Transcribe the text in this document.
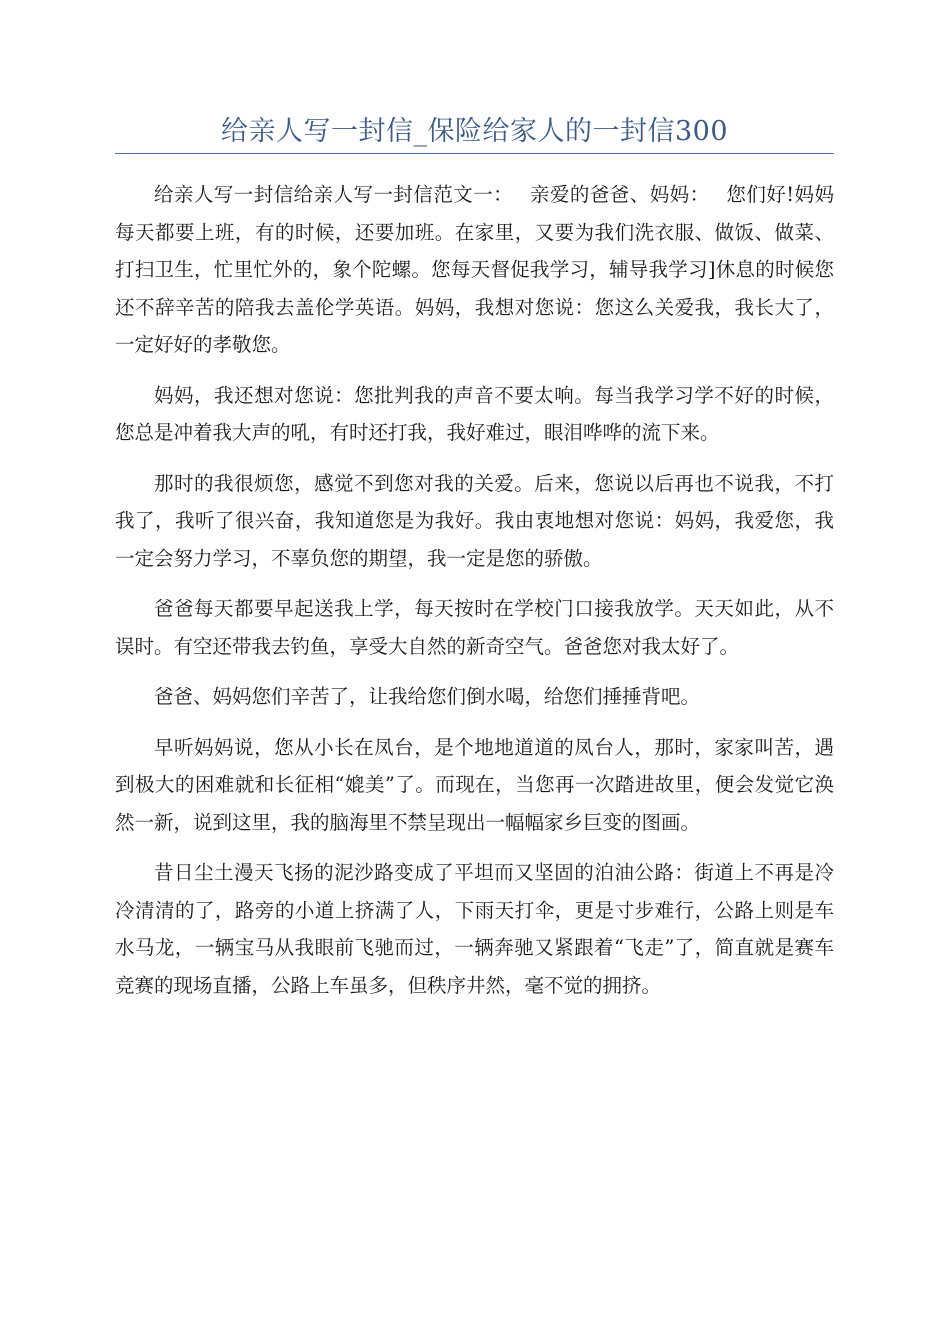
给亲人写一封信_保险给家人的一封信300

给亲人写一封信给亲人写一封信范文一：　 亲爱的爸爸、妈妈：　 您们好!妈妈每天都要上班，有的时候，还要加班。在家里，又要为我们洗衣服、做饭、做菜、打扫卫生，忙里忙外的，象个陀螺。您每天督促我学习，辅导我学习]休息的时候您还不辞辛苦的陪我去盖伦学英语。妈妈，我想对您说：您这么关爱我，我长大了，一定好好的孝敬您。

妈妈，我还想对您说：您批判我的声音不要太响。每当我学习学不好的时候，您总是冲着我大声的吼，有时还打我，我好难过，眼泪哗哗的流下来。

那时的我很烦您，感觉不到您对我的关爱。后来，您说以后再也不说我，不打我了，我听了很兴奋，我知道您是为我好。我由衷地想对您说：妈妈，我爱您，我一定会努力学习，不辜负您的期望，我一定是您的骄傲。

爸爸每天都要早起送我上学，每天按时在学校门口接我放学。天天如此，从不误时。有空还带我去钓鱼，享受大自然的新奇空气。爸爸您对我太好了。

爸爸、妈妈您们辛苦了，让我给您们倒水喝，给您们捶捶背吧。

早听妈妈说，您从小长在凤台，是个地地道道的凤台人，那时，家家叫苦，遇到极大的困难就和长征相“媲美”了。而现在，当您再一次踏进故里，便会发觉它涣然一新，说到这里，我的脑海里不禁呈现出一幅幅家乡巨变的图画。

昔日尘土漫天飞扬的泥沙路变成了平坦而又坚固的泊油公路：街道上不再是冷冷清清的了，路旁的小道上挤满了人，下雨天打伞，更是寸步难行，公路上则是车水马龙，一辆宝马从我眼前飞驰而过，一辆奔驰又紧跟着“飞走”了，简直就是赛车竞赛的现场直播，公路上车虽多，但秩序井然，毫不觉的拥挤。
